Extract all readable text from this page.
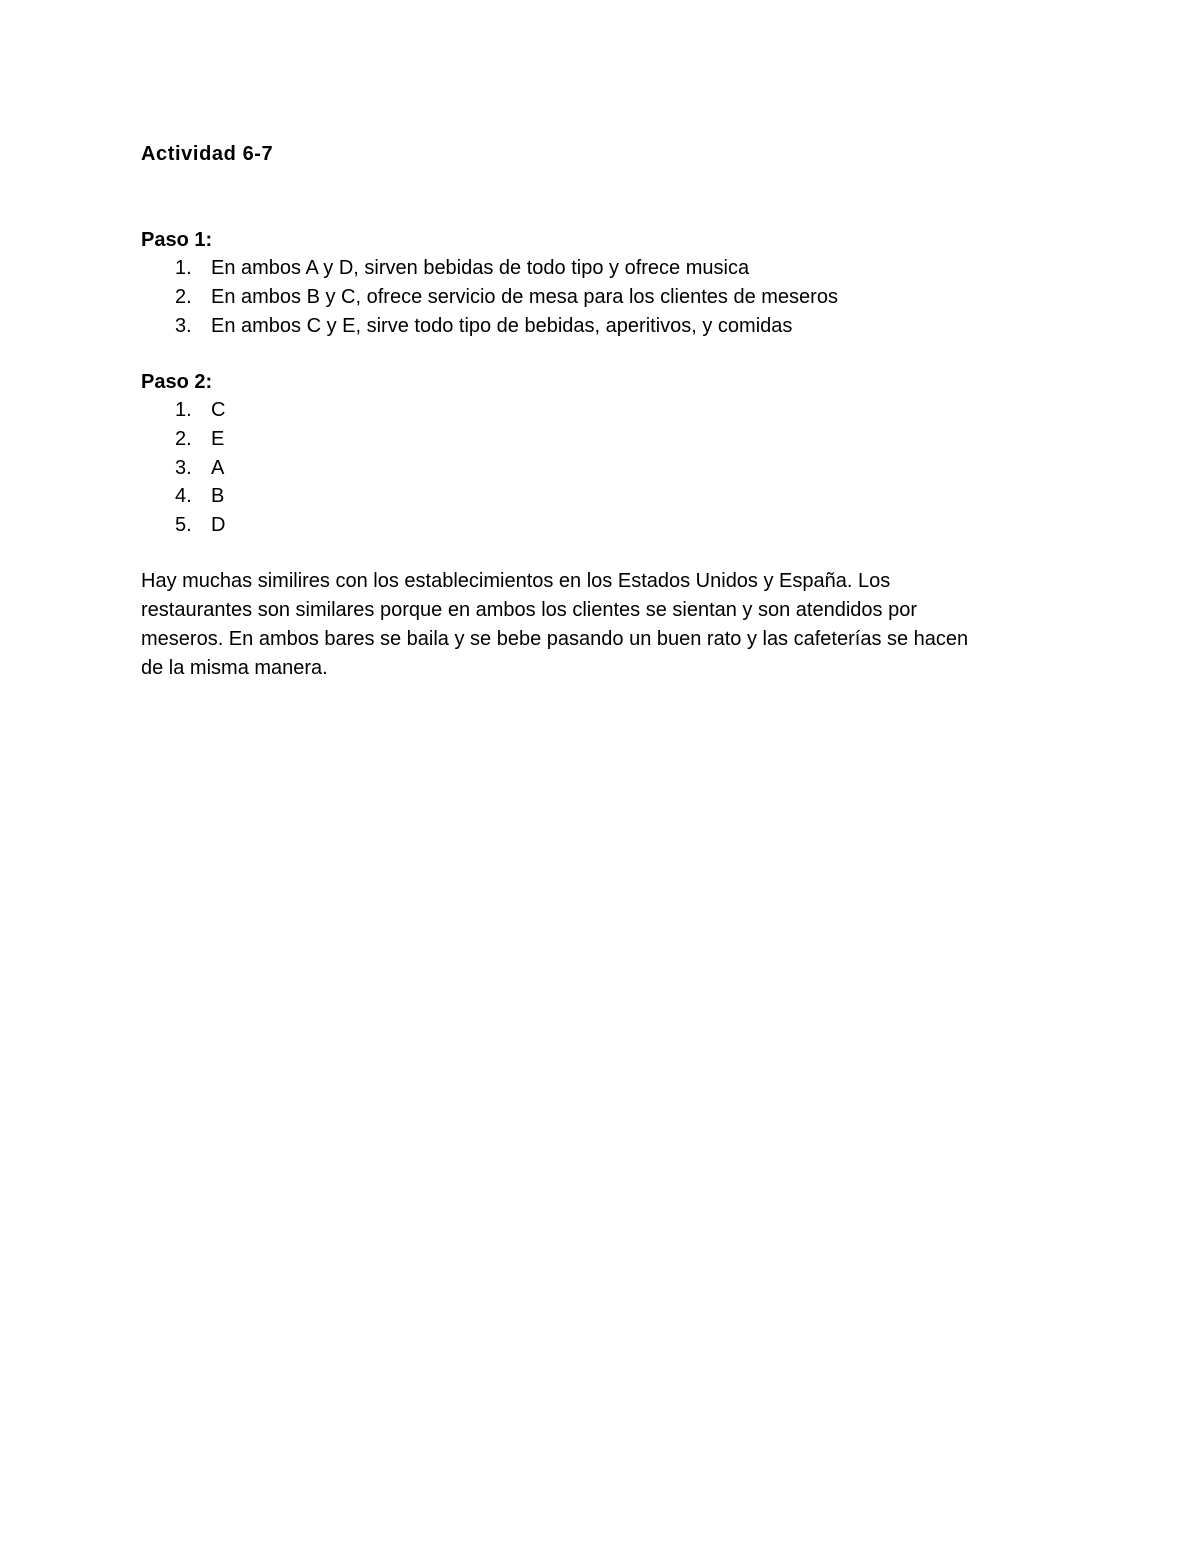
Actividad 6-7
Paso 1:
1. En ambos A y D, sirven bebidas de todo tipo y ofrece musica
2. En ambos B y C, ofrece servicio de mesa para los clientes de meseros
3. En ambos C y E, sirve todo tipo de bebidas, aperitivos, y comidas
Paso 2:
1. C
2. E
3. A
4. B
5. D
Hay muchas similires con los establecimientos en los Estados Unidos y España. Los
restaurantes son similares porque en ambos los clientes se sientan y son atendidos por
meseros. En ambos bares se baila y se bebe pasando un buen rato y las cafeterías se hacen
de la misma manera.
